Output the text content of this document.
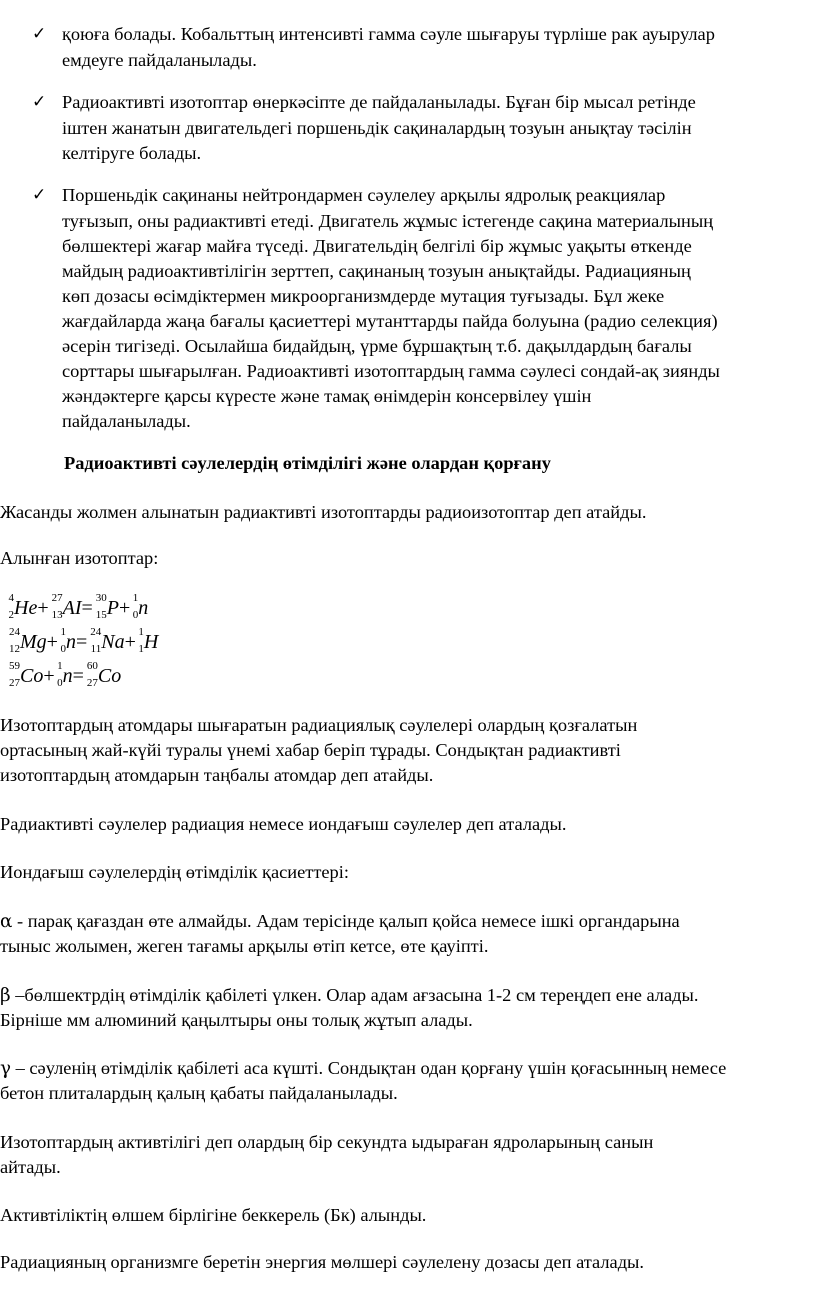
✓ қоюға болады. Кобальттың интенсивті гамма сәуле шығаруы түрліше рак ауырулар
емдеуге пайдаланылады.
✓ Радиоактивті изотоптар өнеркәсіпте де пайдаланылады. Бұған бір мысал ретінде
іштен жанатын двигательдегі поршеньдік сақиналардың тозуын анықтау тәсілін
келтіруге болады.
✓ Поршеньдік сақинаны нейтрондармен сәулелеу арқылы ядролық реакциялар
туғызып, оны радиактивті етеді. Двигатель жұмыс істегенде сақина материалының
бөлшектері жағар майға түседі. Двигательдің белгілі бір жұмыс уақыты өткенде
майдың радиоактивтілігін зерттеп, сақинаның тозуын анықтайды. Радиацияның
көп дозасы өсімдіктермен микроорганизмдерде мутация туғызады. Бұл жеке
жағдайларда жаңа бағалы қасиеттері мутанттарды пайда болуына (радио селекция)
әсерін тигізеді. Осылайша бидайдың, үрме бұршақтың т.б. дақылдардың бағалы
сорттары шығарылған. Радиоактивті изотоптардың гамма сәулесі сондай-ақ зиянды
жәндәктерге қарсы күресте және тамақ өнімдерін консервілеу үшін
пайдаланылады.
Радиоактивті сәулелердің өтімділігі және олардан қорғану
Жасанды жолмен алынатын радиактивті изотоптарды радиоизотоптар деп атайды.
Алынған изотоптар:
4
2 He+ 27
13 AI= 30
15 P+ 1
0 n
24
12 Mg+ 1
0 n= 24
11 Na+ 1
1 H
59
27 Co+ 1
0 n= 60
27 Co
Изотоптардың атомдары шығаратын радиациялық сәулелері олардың қозғалатын
ортасының жай-күйі туралы үнемі хабар беріп тұрады. Сондықтан радиактивті
изотоптардың атомдарын таңбалы атомдар деп атайды.
Радиактивті сәулелер радиация немесе иондағыш сәулелер деп аталады.
Иондағыш сәулелердің өтімділік қасиеттері:
α - парақ қағаздан өте алмайды. Адам терісінде қалып қойса немесе ішкі органдарына
тыныс жолымен, жеген тағамы арқылы өтіп кетсе, өте қауіпті.
β –бөлшектрдің өтімділік қабілеті үлкен. Олар адам ағзасына 1-2 см тереңдеп ене алады.
Бірніше мм алюминий қаңылтыры оны толық жұтып алады.
γ – сәуленің өтімділік қабілеті аса күшті. Сондықтан одан қорғану үшін қоғасынның немесе
бетон плиталардың қалың қабаты пайдаланылады.
Изотоптардың активтілігі деп олардың бір секундта ыдыраған ядроларының санын
айтады.
Активтіліктің өлшем бірлігіне беккерель (Бк) алынды.
Радиацияның организмге беретін энергия мөлшері сәулелену дозасы деп аталады.
